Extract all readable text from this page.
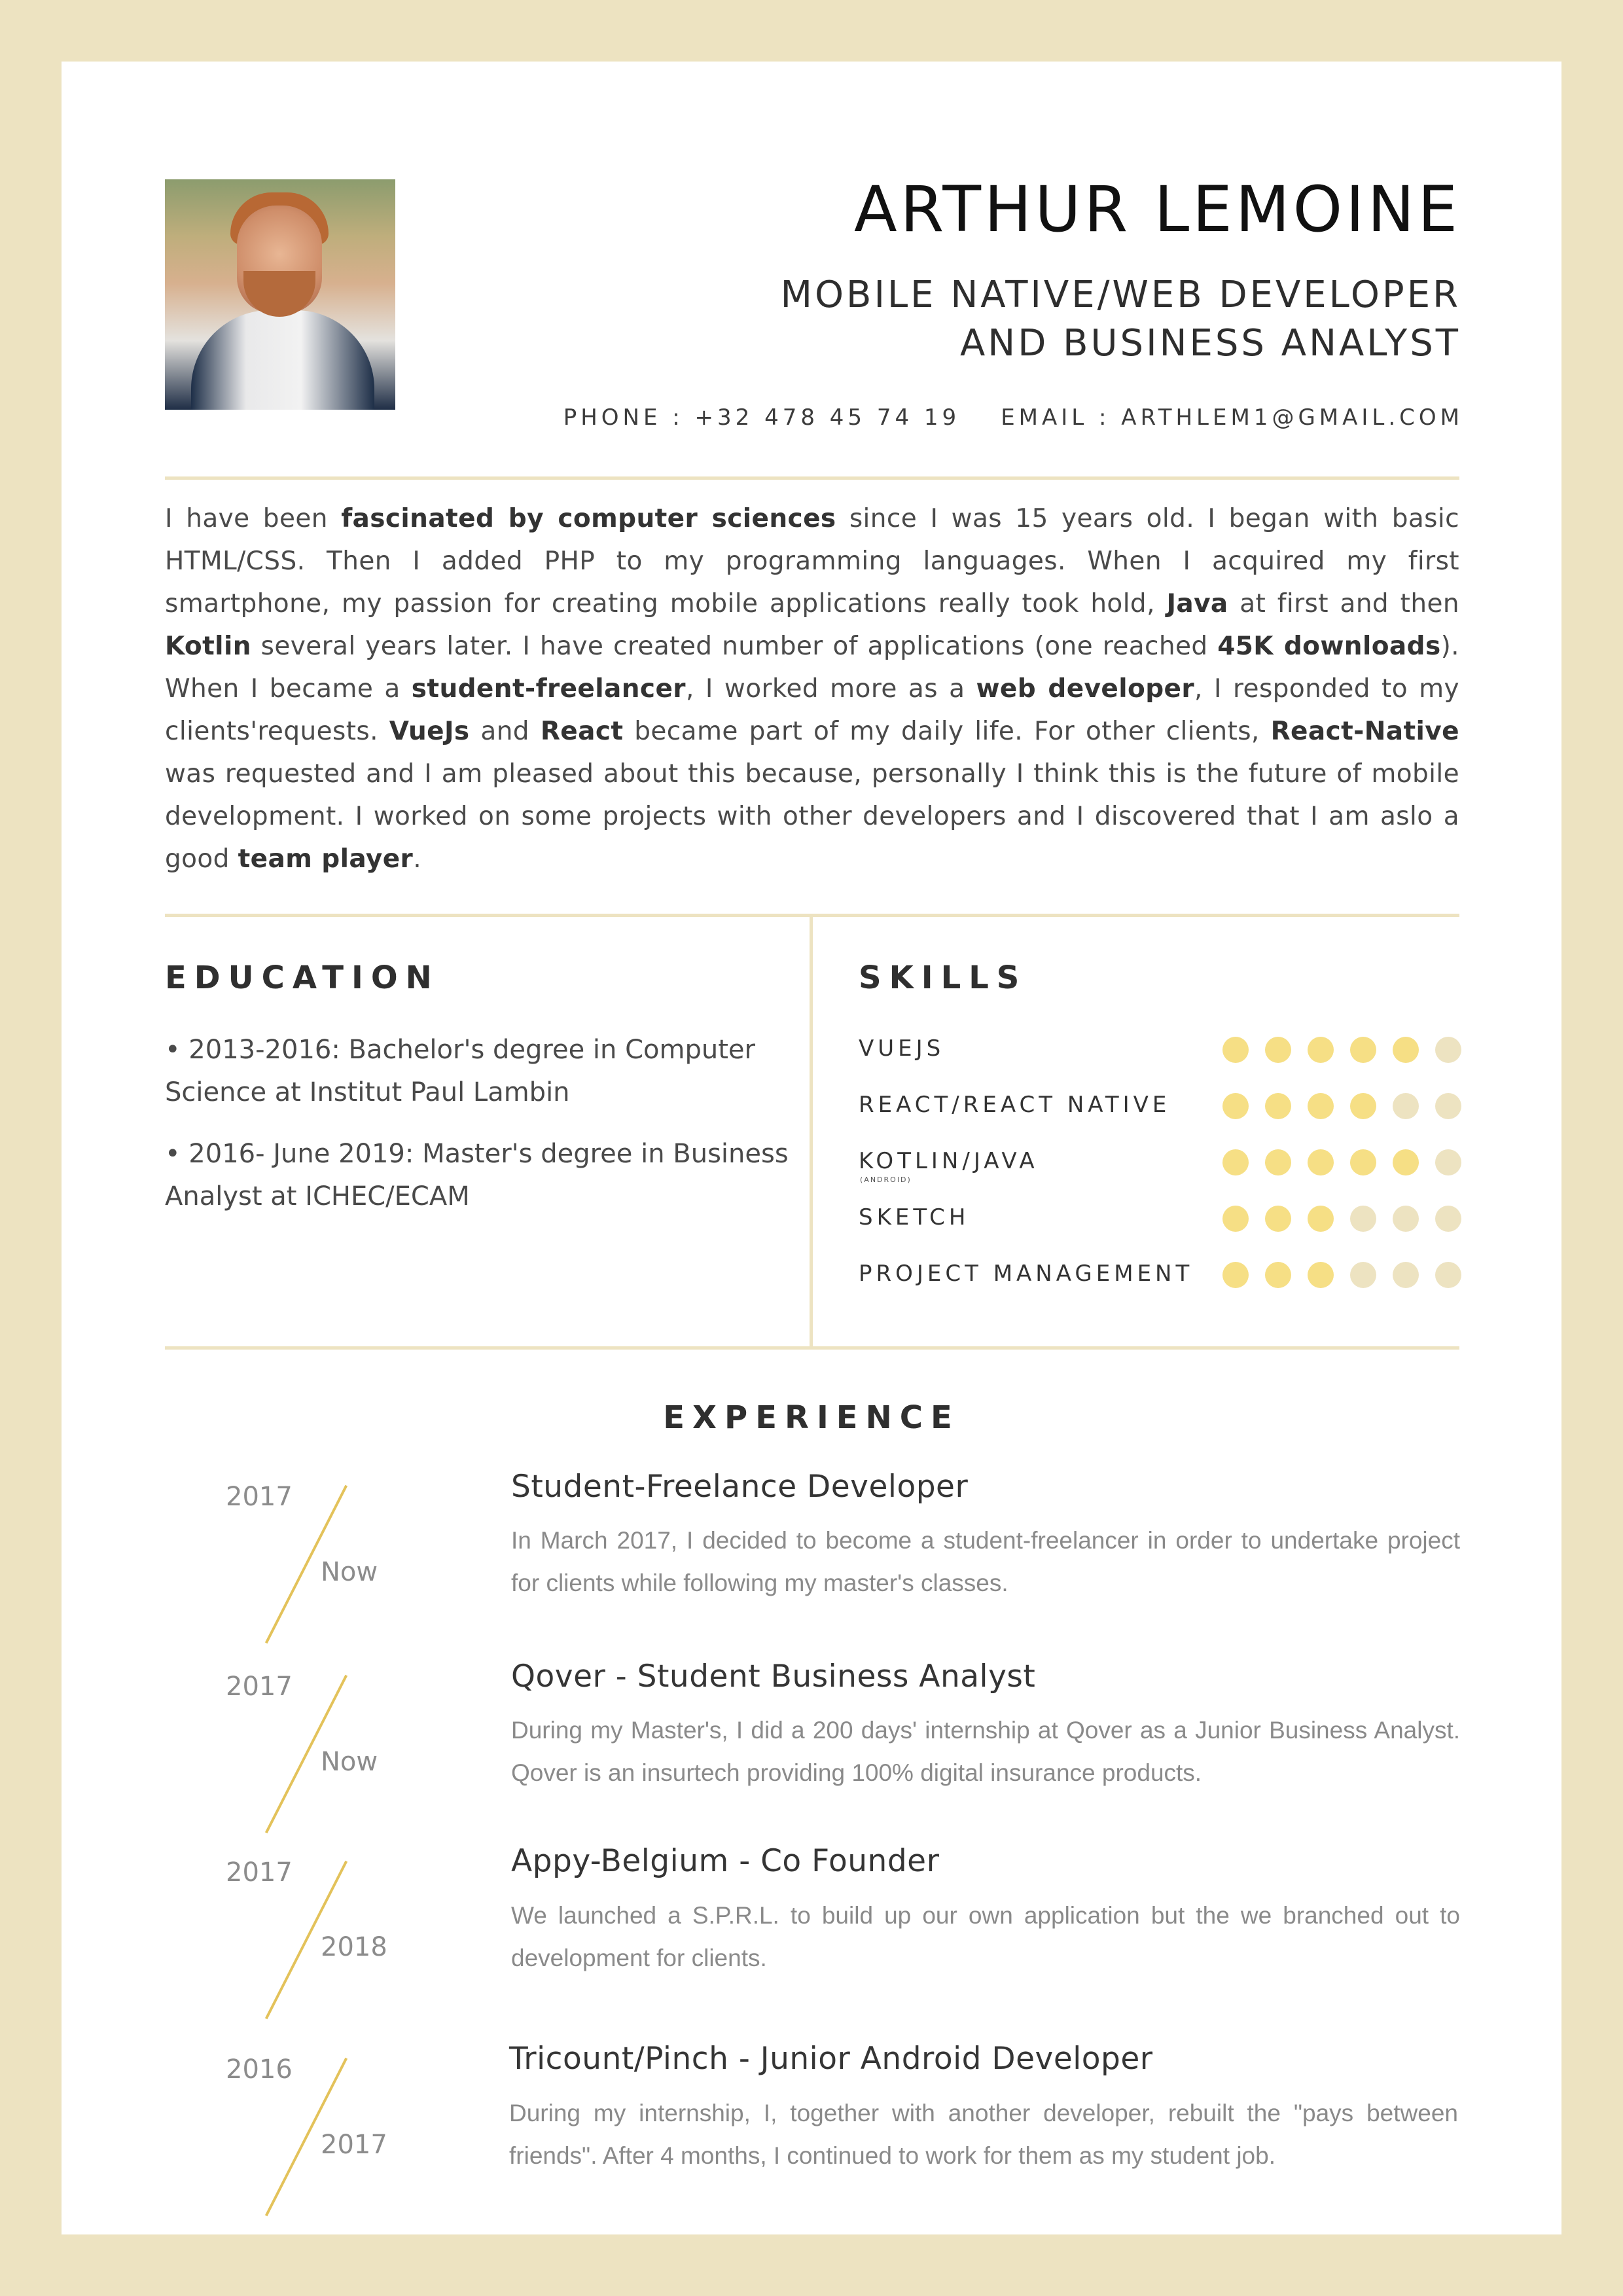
ARTHUR LEMOINE
MOBILE NATIVE/WEB DEVELOPER
AND BUSINESS ANALYST
PHONE : +32 478 45 74 19 EMAIL : ARTHLEM1@GMAIL.COM
I have been fascinated by computer sciences since I was 15 years old. I began with basic HTML/CSS. Then I added PHP to my programming languages. When I acquired my first smartphone, my passion for creating mobile applications really took hold, Java at first and then Kotlin several years later. I have created number of applications (one reached 45K downloads). When I became a student-freelancer, I worked more as a web developer, I responded to my clients'requests. VueJs and React became part of my daily life. For other clients, React-Native was requested and I am pleased about this because, personally I think this is the future of mobile development. I worked on some projects with other developers and I discovered that I am aslo a good team player.
EDUCATION
• 2013-2016: Bachelor's degree in Computer Science at Institut Paul Lambin
• 2016- June 2019: Master's degree in Business Analyst at ICHEC/ECAM
SKILLS
VUEJS
REACT/REACT NATIVE
KOTLIN/JAVA
(ANDROID)
SKETCH
PROJECT MANAGEMENT
EXPERIENCE
2017
Now
Student-Freelance Developer
In March 2017, I decided to become a student-freelancer in order to undertake project for clients while following my master's classes.
2017
Now
Qover - Student Business Analyst
During my Master's, I did a 200 days' internship at Qover as a Junior Business Analyst. Qover is an insurtech providing 100% digital insurance products.
2017
2018
Appy-Belgium - Co Founder
We launched a S.P.R.L. to build up our own application but the we branched out to development for clients.
2016
2017
Tricount/Pinch - Junior Android Developer
During my internship, I, together with another developer, rebuilt the "pays between friends". After 4 months, I continued to work for them as my student job.
